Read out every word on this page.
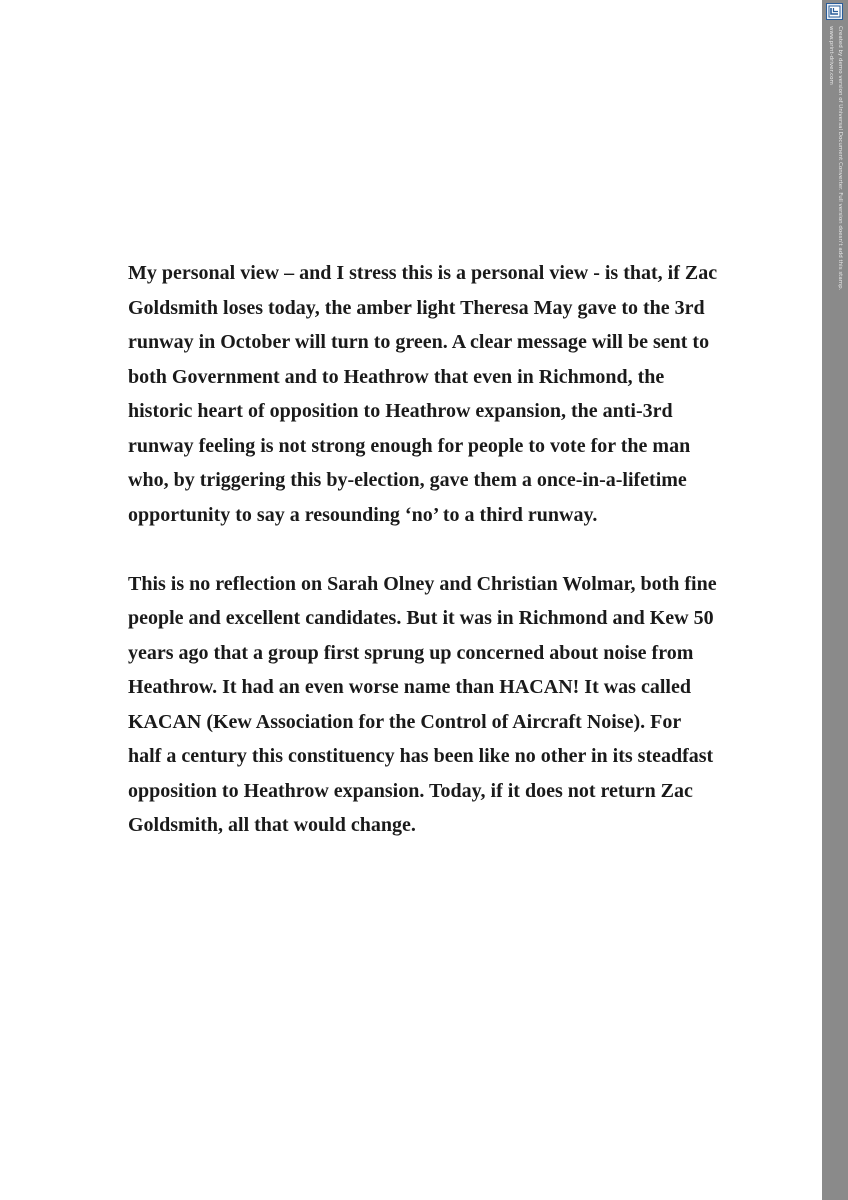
My personal view – and I stress this is a personal view - is that, if Zac
Goldsmith loses today, the amber light Theresa May gave to the 3rd
runway in October will turn to green. A clear message will be sent to
both Government and to Heathrow that even in Richmond, the
historic heart of opposition to Heathrow expansion, the anti-3rd
runway feeling is not strong enough for people to vote for the man
who, by triggering this by-election, gave them a once-in-a-lifetime
opportunity to say a resounding ‘no’ to a third runway.
This is no reflection on Sarah Olney and Christian Wolmar, both fine
people and excellent candidates. But it was in Richmond and Kew 50
years ago that a group first sprung up concerned about noise from
Heathrow. It had an even worse name than HACAN! It was called
KACAN (Kew Association for the Control of Aircraft Noise). For
half a century this constituency has been like no other in its steadfast
opposition to Heathrow expansion. Today, if it does not return Zac
Goldsmith, all that would change.
Created by demo version of Universal Document Converter. Full version doesn't add this stamp.
www.print-driver.com
